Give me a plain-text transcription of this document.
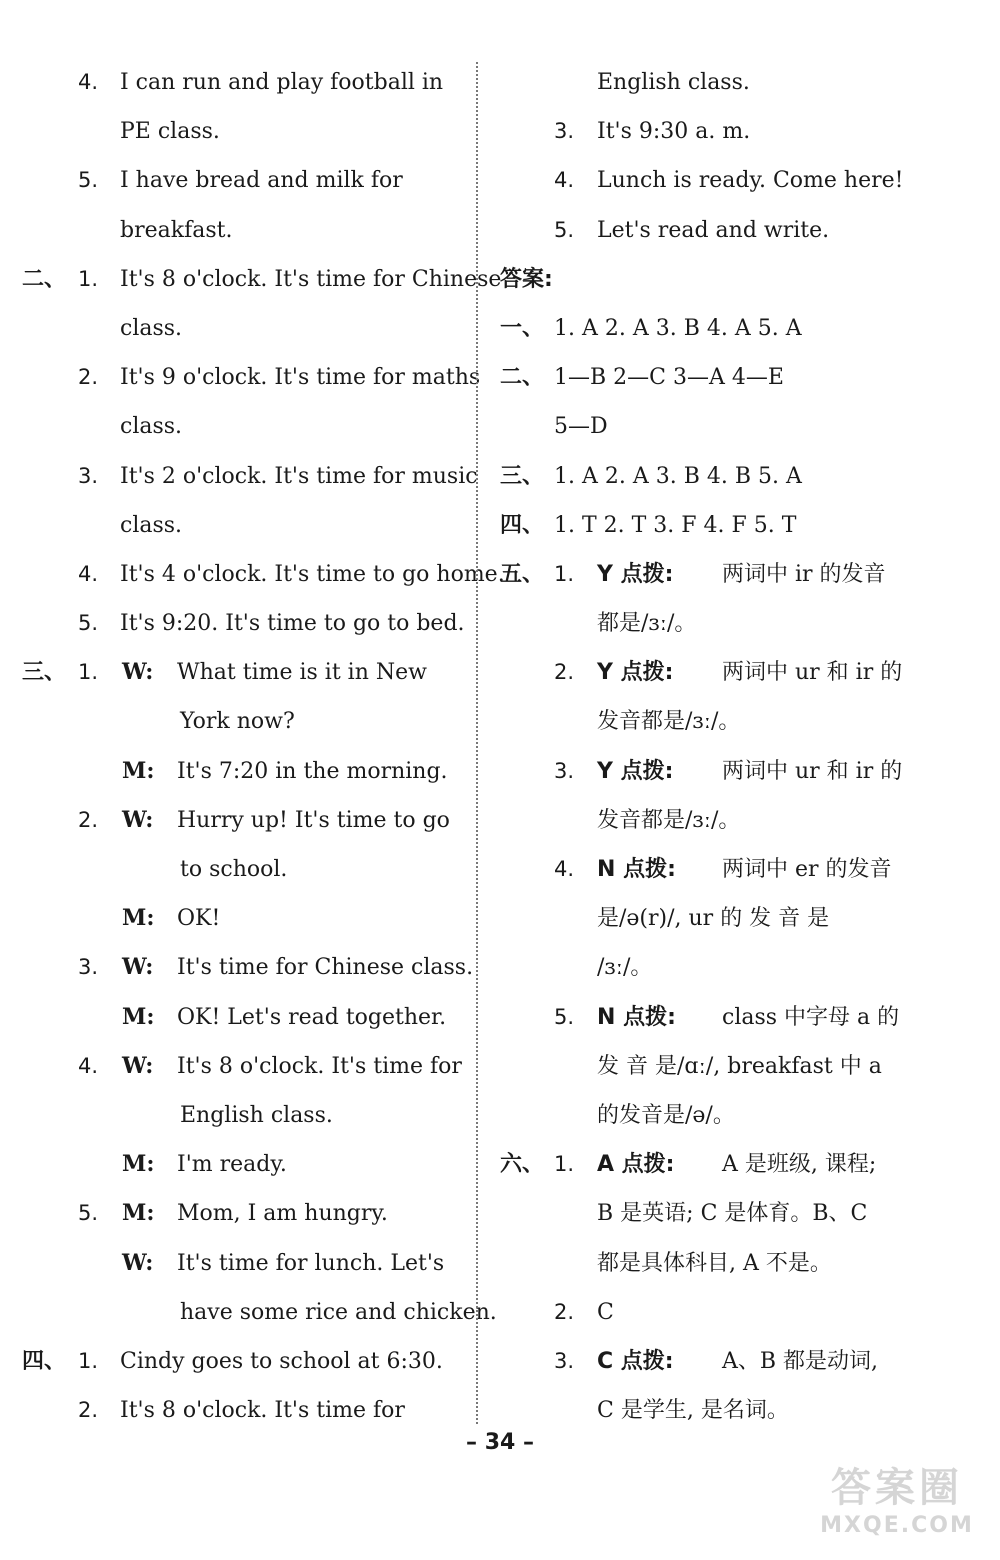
4. I can run and play football in
PE class.
5. I have bread and milk for
breakfast.
二、 1. It's 8 o'clock. It's time for Chinese
class.
2. It's 9 o'clock. It's time for maths
class.
3. It's 2 o'clock. It's time for music
class.
4. It's 4 o'clock. It's time to go home.
5. It's 9:20. It's time to go to bed.
三、 1. W: What time is it in New
York now?
M: It's 7:20 in the morning.
2. W: Hurry up! It's time to go
to school.
M: OK!
3. W: It's time for Chinese class.
M: OK! Let's read together.
4. W: It's 8 o'clock. It's time for
English class.
M: I'm ready.
5. M: Mom, I am hungry.
W: It's time for lunch. Let's
have some rice and chicken.
四、 1. Cindy goes to school at 6:30.
2. It's 8 o'clock. It's time for
English class.
3. It's 9:30 a. m.
4. Lunch is ready. Come here!
5. Let's read and write.
答案:
一、 1. A 2. A 3. B 4. A 5. A
二、 1—B 2—C 3—A 4—E
5—D
三、 1. A 2. A 3. B 4. B 5. A
四、 1. T 2. T 3. F 4. F 5. T
五、 1. Y 点拨: 两词中 ir 的发音
都是/ɜː/。
2. Y 点拨: 两词中 ur 和 ir 的
发音都是/ɜː/。
3. Y 点拨: 两词中 ur 和 ir 的
发音都是/ɜː/。
4. N 点拨: 两词中 er 的发音
是/ə(r)/, ur 的 发 音 是
/ɜː/。
5. N 点拨: class 中字母 a 的
发 音 是/ɑː/, breakfast 中 a
的发音是/ə/。
六、 1. A 点拨: A 是班级, 课程;
B 是英语; C 是体育。B、C
都是具体科目, A 不是。
2. C
3. C 点拨: A、B 都是动词,
C 是学生, 是名词。
– 34 –
答案圈
MXQE.COM
